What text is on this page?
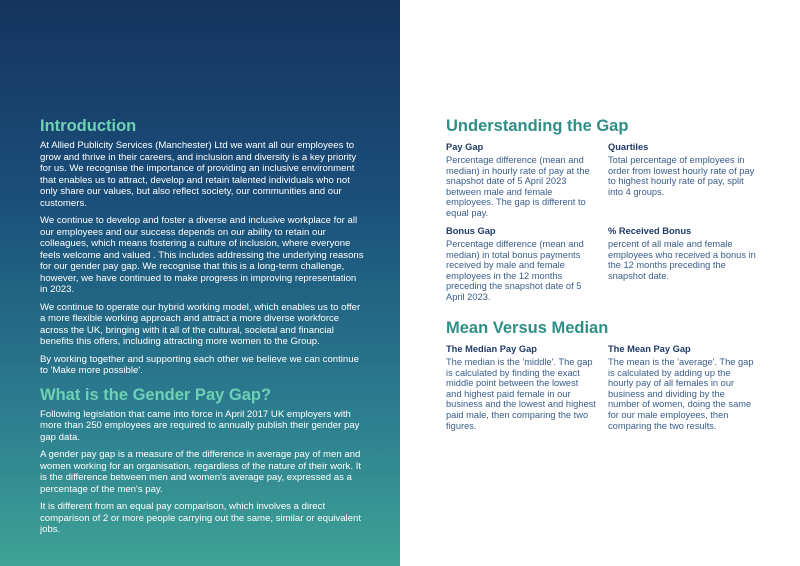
Introduction

At Allied Publicity Services (Manchester) Ltd we want all our employees to grow and thrive in their careers, and inclusion and diversity is a key priority for us. We recognise the importance of providing an inclusive environment that enables us to attract, develop and retain talented individuals who not only share our values, but also reflect society, our communities and our customers.

We continue to develop and foster a diverse and inclusive workplace for all our employees and our success depends on our ability to retain our colleagues, which means fostering a culture of inclusion, where everyone feels welcome and valued . This includes addressing the underlying reasons for our gender pay gap. We recognise that this is a long-term challenge, however, we have continued to make progress in improving representation in 2023.

We continue to operate our hybrid working model, which enables us to offer a more flexible working approach and attract a more diverse workforce across the UK, bringing with it all of the cultural, societal and financial benefits this offers, including attracting more women to the Group.

By working together and supporting each other we believe we can continue to 'Make more possible'.

What is the Gender Pay Gap?

Following legislation that came into force in April 2017 UK employers with more than 250 employees are required to annually publish their gender pay gap data.

A gender pay gap is a measure of the difference in average pay of men and women working for an organisation, regardless of the nature of their work. It is the difference between men and women's average pay, expressed as a percentage of the men's pay.

It is different from an equal pay comparison, which involves a direct comparison of 2 or more people carrying out the same, similar or equivalent jobs.

Understanding the Gap
Pay Gap

Percentage difference (mean and median) in hourly rate of pay at the snapshot date of 5 April 2023 between male and female employees. The gap is different to equal pay.

Quartiles

Total percentage of employees in order from lowest hourly rate of pay to highest hourly rate of pay, split into 4 groups.

Bonus Gap

Percentage difference (mean and median) in total bonus payments received by male and female employees in the 12 months preceding the snapshot date of 5 April 2023.

% Received Bonus

percent of all male and female employees who received a bonus in the 12 months preceding the snapshot date.

Mean Versus Median
The Median Pay Gap

The median is the 'middle'. The gap is calculated by finding the exact middle point between the lowest and highest paid female in our business and the lowest and highest paid male, then comparing the two figures.

The Mean Pay Gap

The mean is the 'average'. The gap is calculated by adding up the hourly pay of all females in our business and dividing by the number of women, doing the same for our male employees, then comparing the two results.
